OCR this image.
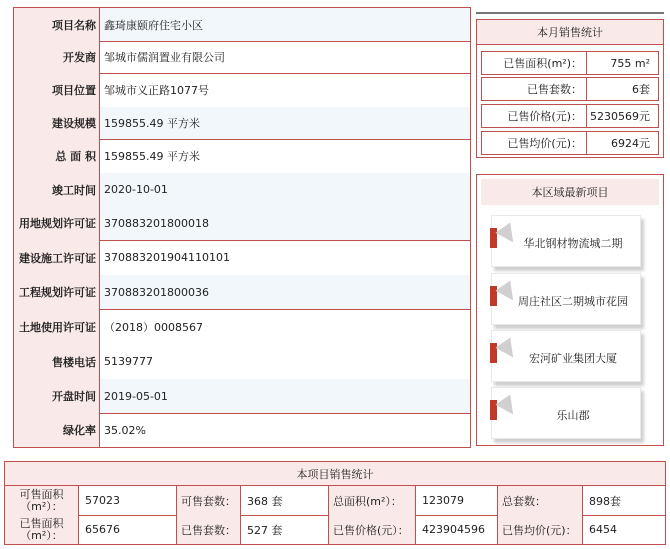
项目名称 鑫琦康颐府住宅小区
开发商 邹城市儒润置业有限公司
项目位置 邹城市义正路1077号
建设规模 159855.49 平方米
总 面 积 159855.49 平方米
竣工时间 2020-10-01
用地规划许可证 370883201800018
建设施工许可证 370883201904110101
工程规划许可证 370883201800036
土地使用许可证 （2018）0008567
售楼电话 5139777
开盘时间 2019-05-01
绿化率 35.02%
本月销售统计
已售面积(m²)：	755 m²
已售套数：	6套
已售价格(元)： 5230569元
已售均价(元)：	6924元
本区域最新项目
华北钢材物流城二期
周庄社区二期城市花园
宏河矿业集团大厦
乐山郡
本项目销售统计
可售面积（m²）：	57023	可售套数：	368 套	总面积(m²）：	123079	总套数：	898套
已售面积（m²）：	65676	已售套数：	527 套	已售价格(元）：	423904596	已售均价(元)：	6454
